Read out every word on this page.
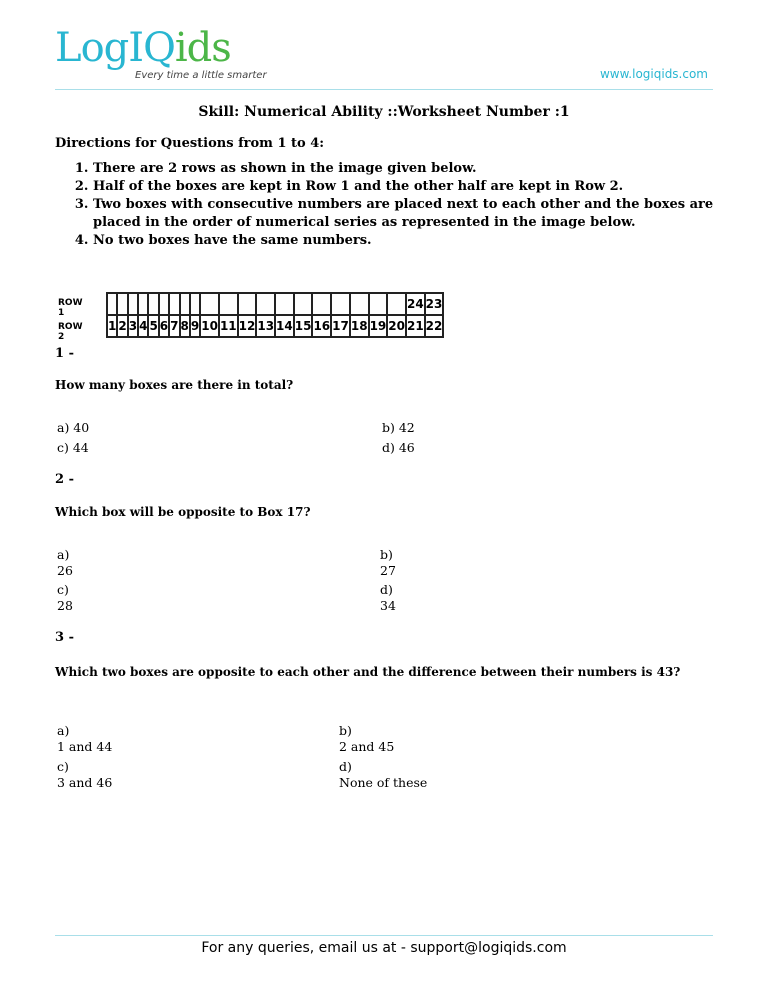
LogIQids
Every time a little smarter	www.logiqids.com
Skill: Numerical Ability ::Worksheet Number :1
Directions for Questions from 1 to 4:
1. There are 2 rows as shown in the image given below.
2. Half of the boxes are kept in Row 1 and the other half are kept in Row 2.
3. Two boxes with consecutive numbers are placed next to each other and the boxes are placed in the order of numerical series as represented in the image below.
4. No two boxes have the same numbers.
ROW 1
ROW 2
																				24	23
1	2	3	4	5	6	7	8	9	10	11	12	13	14	15	16	17	18	19	20	21	22
1 -
How many boxes are there in total?
a) 40	b) 42
c) 44	d) 46
2 -
Which box will be opposite to Box 17?
a)
26
b)
27
c)
28
d)
34
3 -
Which two boxes are opposite to each other and the difference between their numbers is 43?
a)
1 and 44
b)
2 and 45
c)
3 and 46
d)
None of these
For any queries, email us at - support@logiqids.com
